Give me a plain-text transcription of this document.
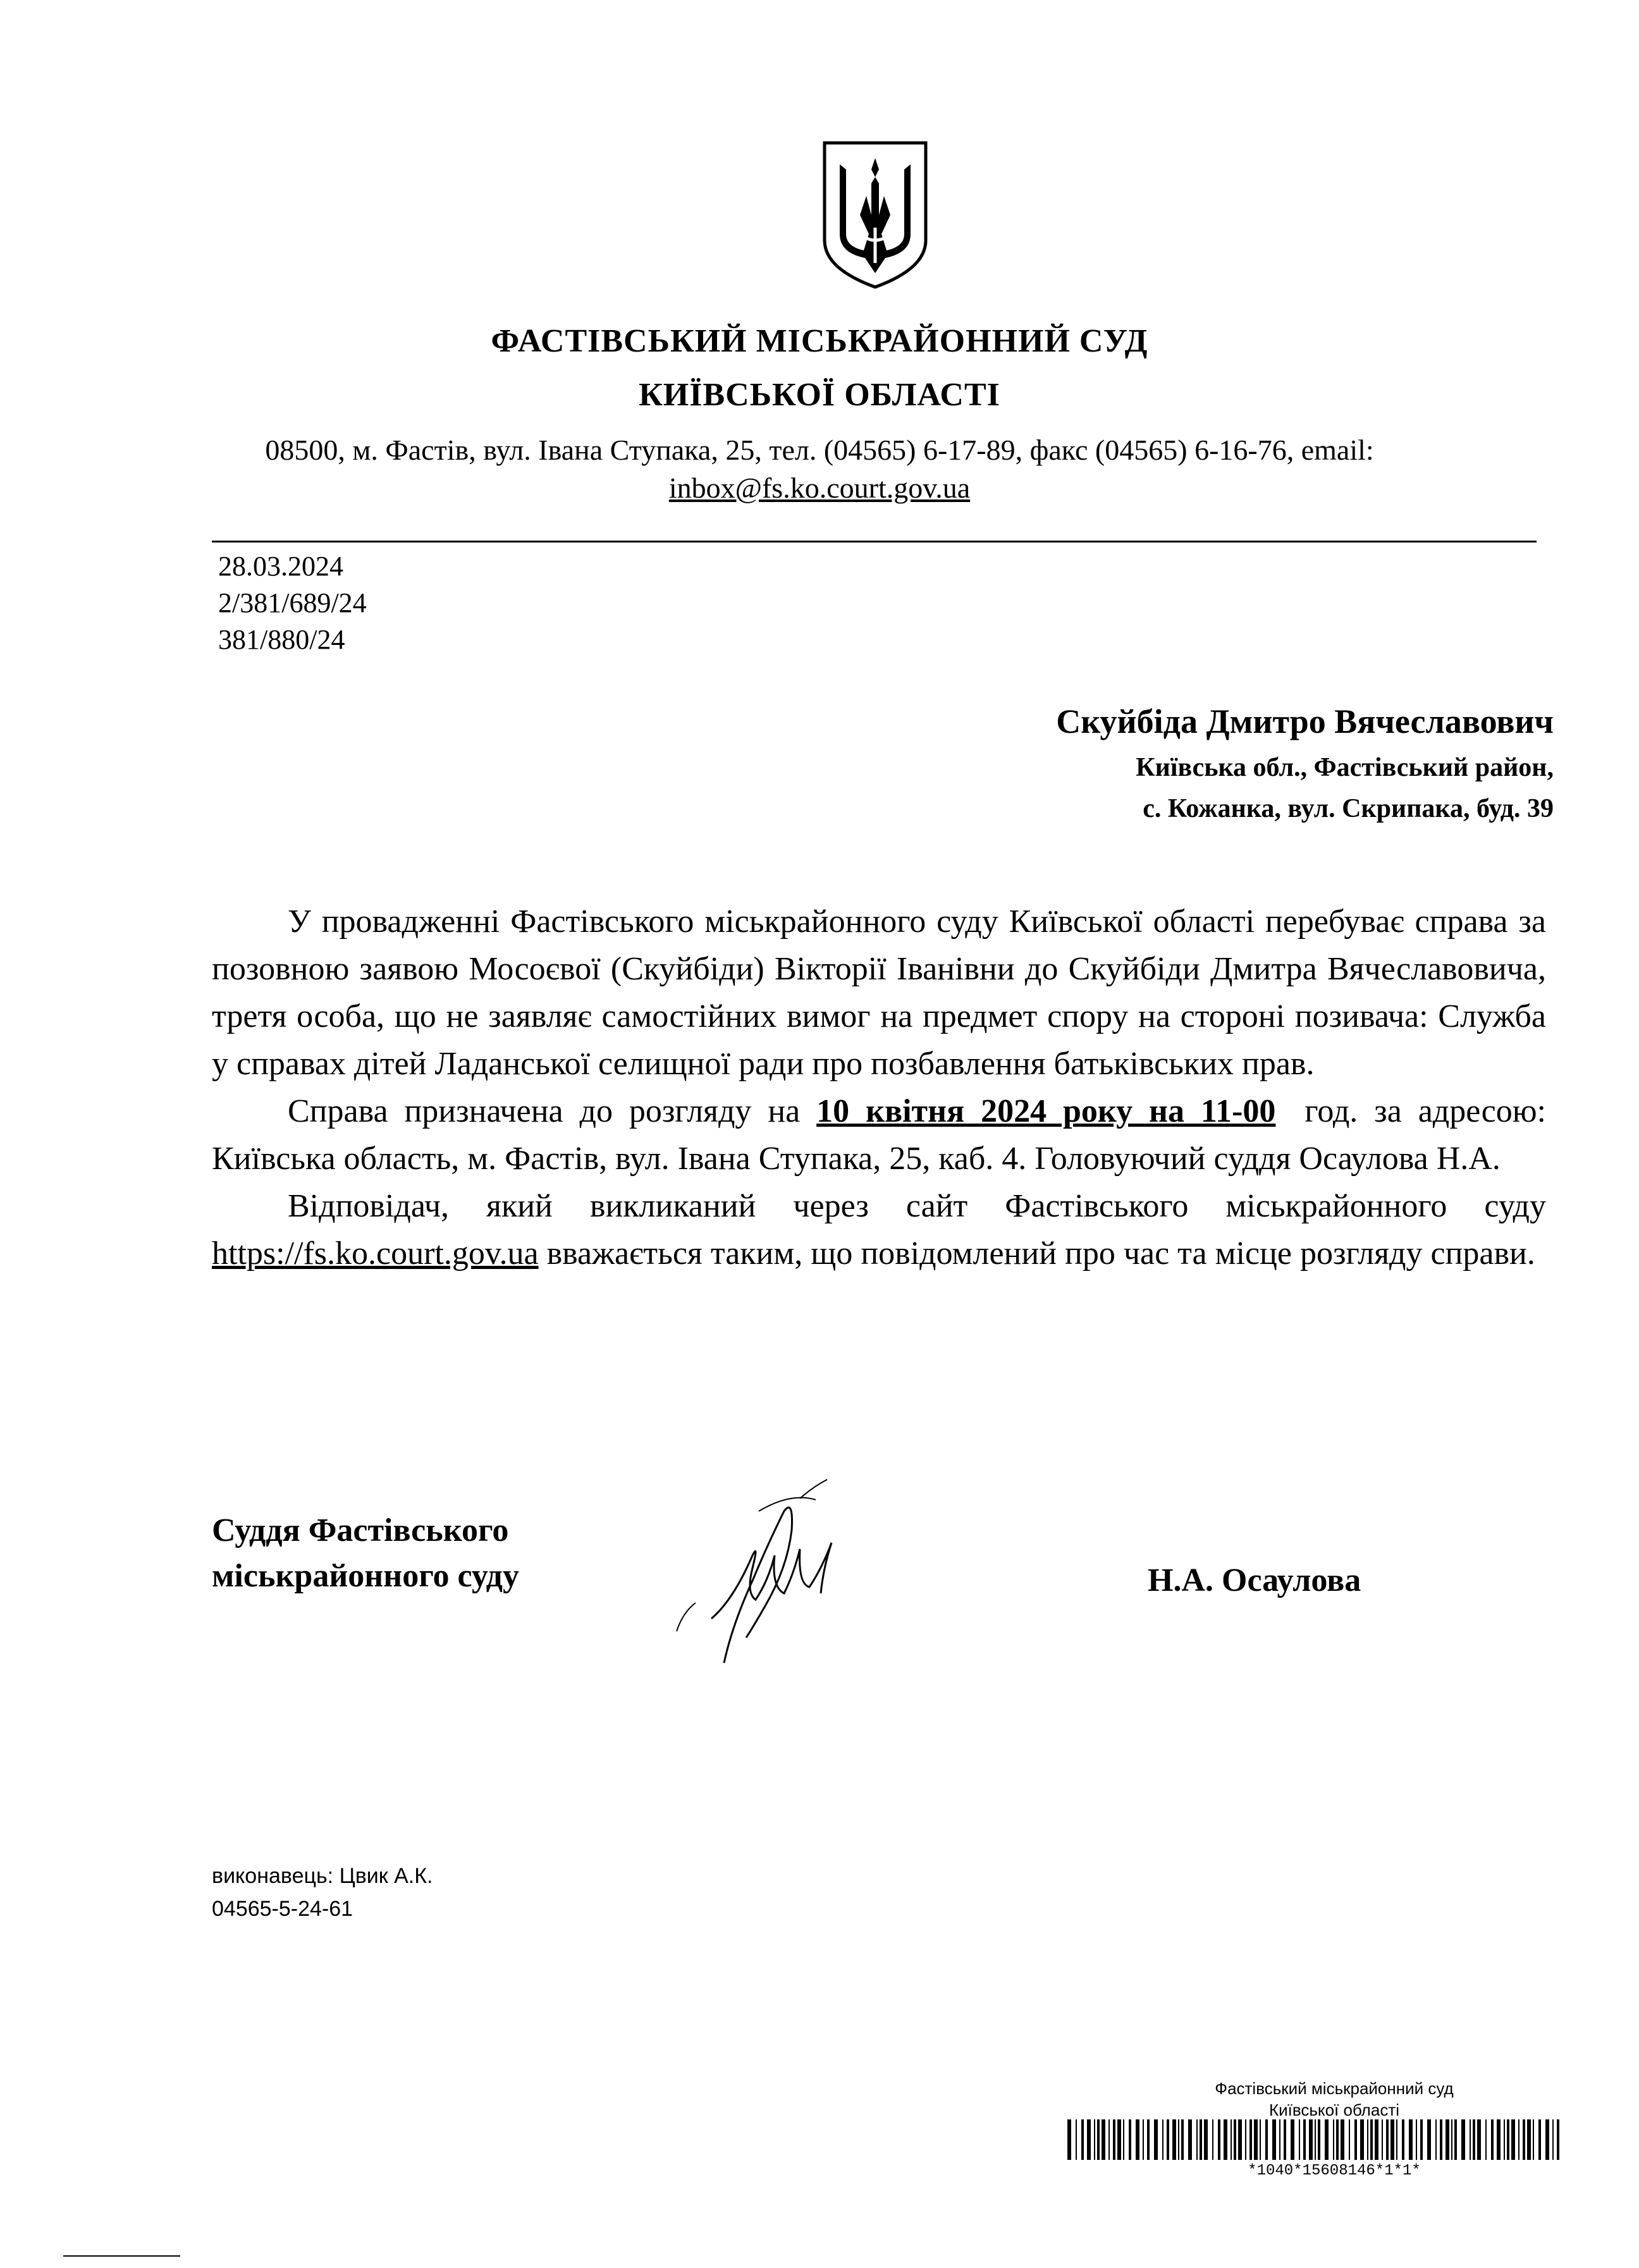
ФАСТІВСЬКИЙ МІСЬКРАЙОННИЙ СУД
КИЇВСЬКОЇ ОБЛАСТІ
08500, м. Фастів, вул. Івана Ступака, 25, тел. (04565) 6-17-89, факс (04565) 6-16-76, email:
inbox@fs.ko.court.gov.ua
28.03.2024
2/381/689/24
381/880/24
Скуйбіда Дмитро Вячеславович
Київська обл., Фастівський район,
с. Кожанка, вул. Скрипака, буд. 39

У провадженні Фастівського міськрайонного суду Київської області перебуває справа за позовною заявою Мосоєвої (Скуйбіди) Вікторії Іванівни до Скуйбіди Дмитра Вячеславовича, третя особа, що не заявляє самостійних вимог на предмет спору на стороні позивача: Служба у справах дітей Ладанської селищної ради про позбавлення батьківських прав.

Справа призначена до розгляду на 10 квітня 2024 року на 11-00 год. за адресою: Київська область, м. Фастів, вул. Івана Ступака, 25, каб. 4. Головуючий суддя Осаулова Н.А.

Відповідач, який викликаний через сайт Фастівського міськрайонного суду https://fs.ko.court.gov.ua вважається таким, що повідомлений про час та місце розгляду справи.

Суддя Фастівського
міськрайонного суду	Н.А. Осаулова
виконавець: Цвик А.К.
04565-5-24-61
Фастівський міськрайонний суд
Київської області
*1040*15608146*1*1*
